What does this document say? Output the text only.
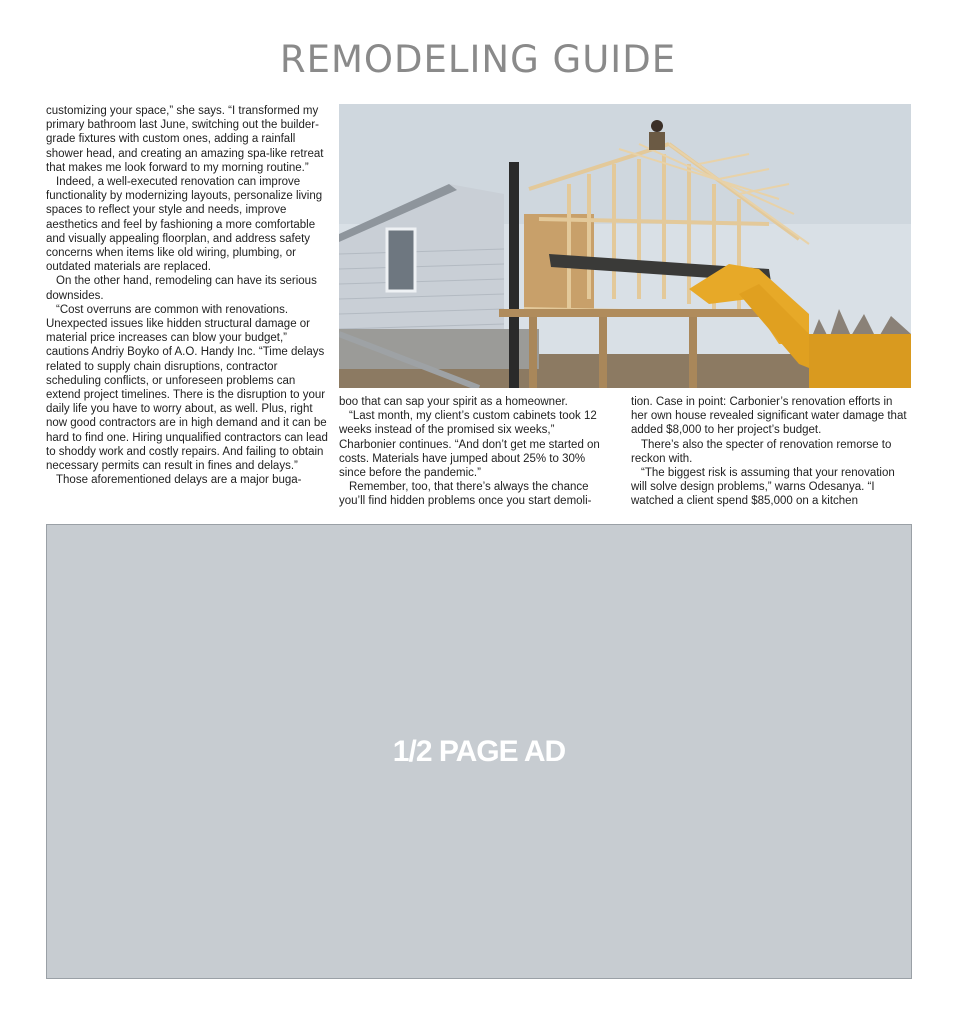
REMODELING GUIDE

customizing your space,” she says. “I transformed my primary bathroom last June, switching out the builder-grade fixtures with custom ones, adding a rainfall shower head, and creating an amazing spa-like retreat that makes me look forward to my morning routine.”

Indeed, a well-executed renovation can improve functionality by modernizing layouts, personalize living spaces to reflect your style and needs, improve aesthetics and feel by fashioning a more comfortable and visually appealing floorplan, and address safety concerns when items like old wiring, plumbing, or outdated materials are replaced.

On the other hand, remodeling can have its serious downsides.

“Cost overruns are common with renovations. Unexpected issues like hidden structural damage or material price increases can blow your budget,” cautions Andriy Boyko of A.O. Handy Inc. “Time delays related to supply chain disruptions, contractor scheduling conflicts, or unforeseen problems can extend project timelines. There is the disruption to your daily life you have to worry about, as well. Plus, right now good contractors are in high demand and it can be hard to find one. Hiring unqualified contractors can lead to shoddy work and costly repairs. And failing to obtain necessary permits can result in fines and delays.”

Those aforementioned delays are a major buga-

boo that can sap your spirit as a homeowner.

“Last month, my client’s custom cabinets took 12 weeks instead of the promised six weeks,” Charbonier continues. “And don’t get me started on costs. Materials have jumped about 25% to 30% since before the pandemic.”

Remember, too, that there’s always the chance you’ll find hidden problems once you start demoli-

tion. Case in point: Carbonier’s renovation efforts in her own house revealed significant water damage that added $8,000 to her project’s budget.

There’s also the specter of renovation remorse to reckon with.

“The biggest risk is assuming that your renovation will solve design problems,” warns Odesanya. “I watched a client spend $85,000 on a kitchen

1/2 PAGE AD
